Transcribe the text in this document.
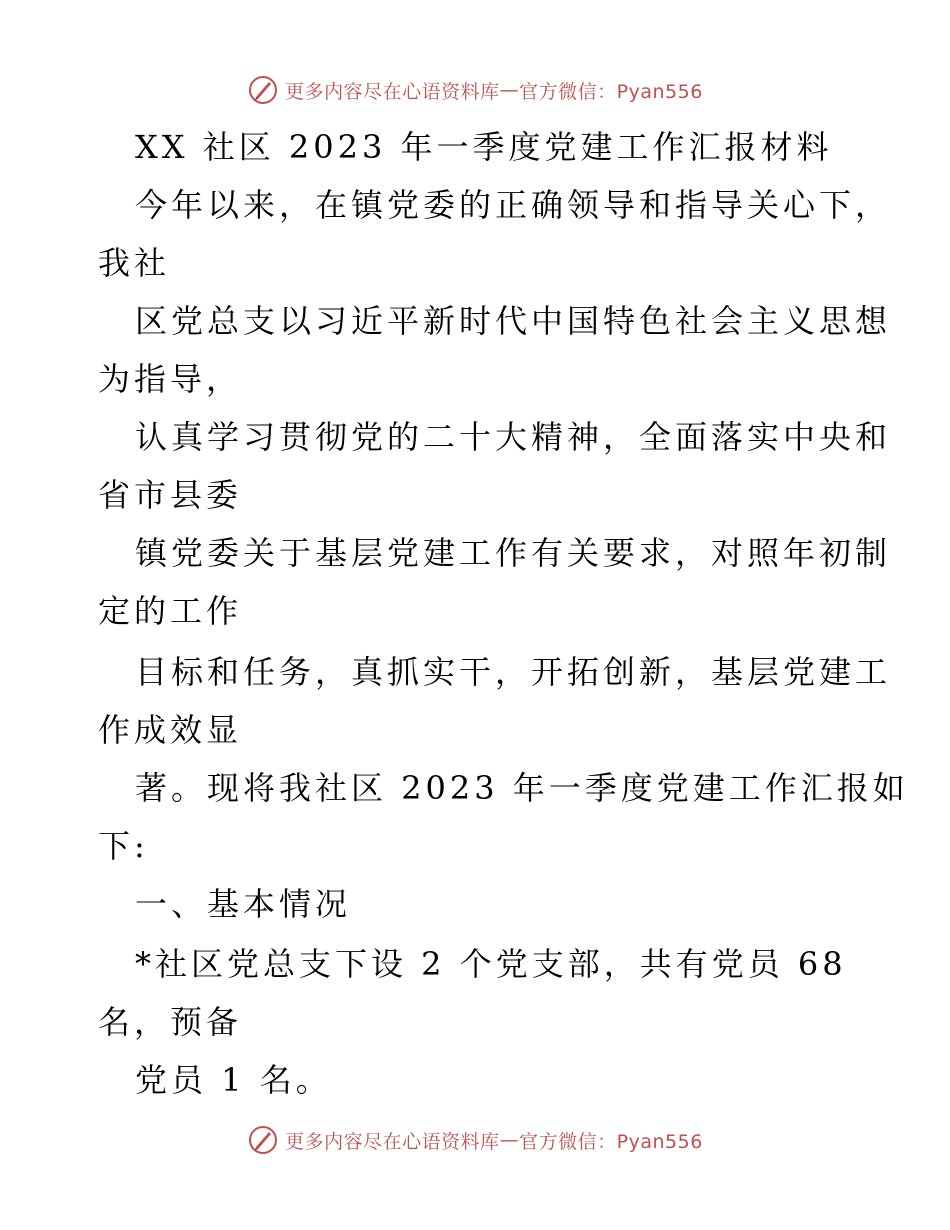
更多内容尽在心语资料库 — 官方微信：Pyan556
XX 社区 2023 年一季度党建工作汇报材料
今年以来，在镇党委的正确领导和指导关心下，
我社
区党总支以习近平新时代中国特色社会主义思想
为指导，
认真学习贯彻党的二十大精神，全面落实中央和
省市县委
镇党委关于基层党建工作有关要求，对照年初制
定的工作
目标和任务，真抓实干，开拓创新，基层党建工
作成效显
著。现将我社区 2023 年一季度党建工作汇报如
下:
一、基本情况
*社区党总支下设 2 个党支部，共有党员 68
名，预备
党员 1 名。
更多内容尽在心语资料库 — 官方微信：Pyan556
